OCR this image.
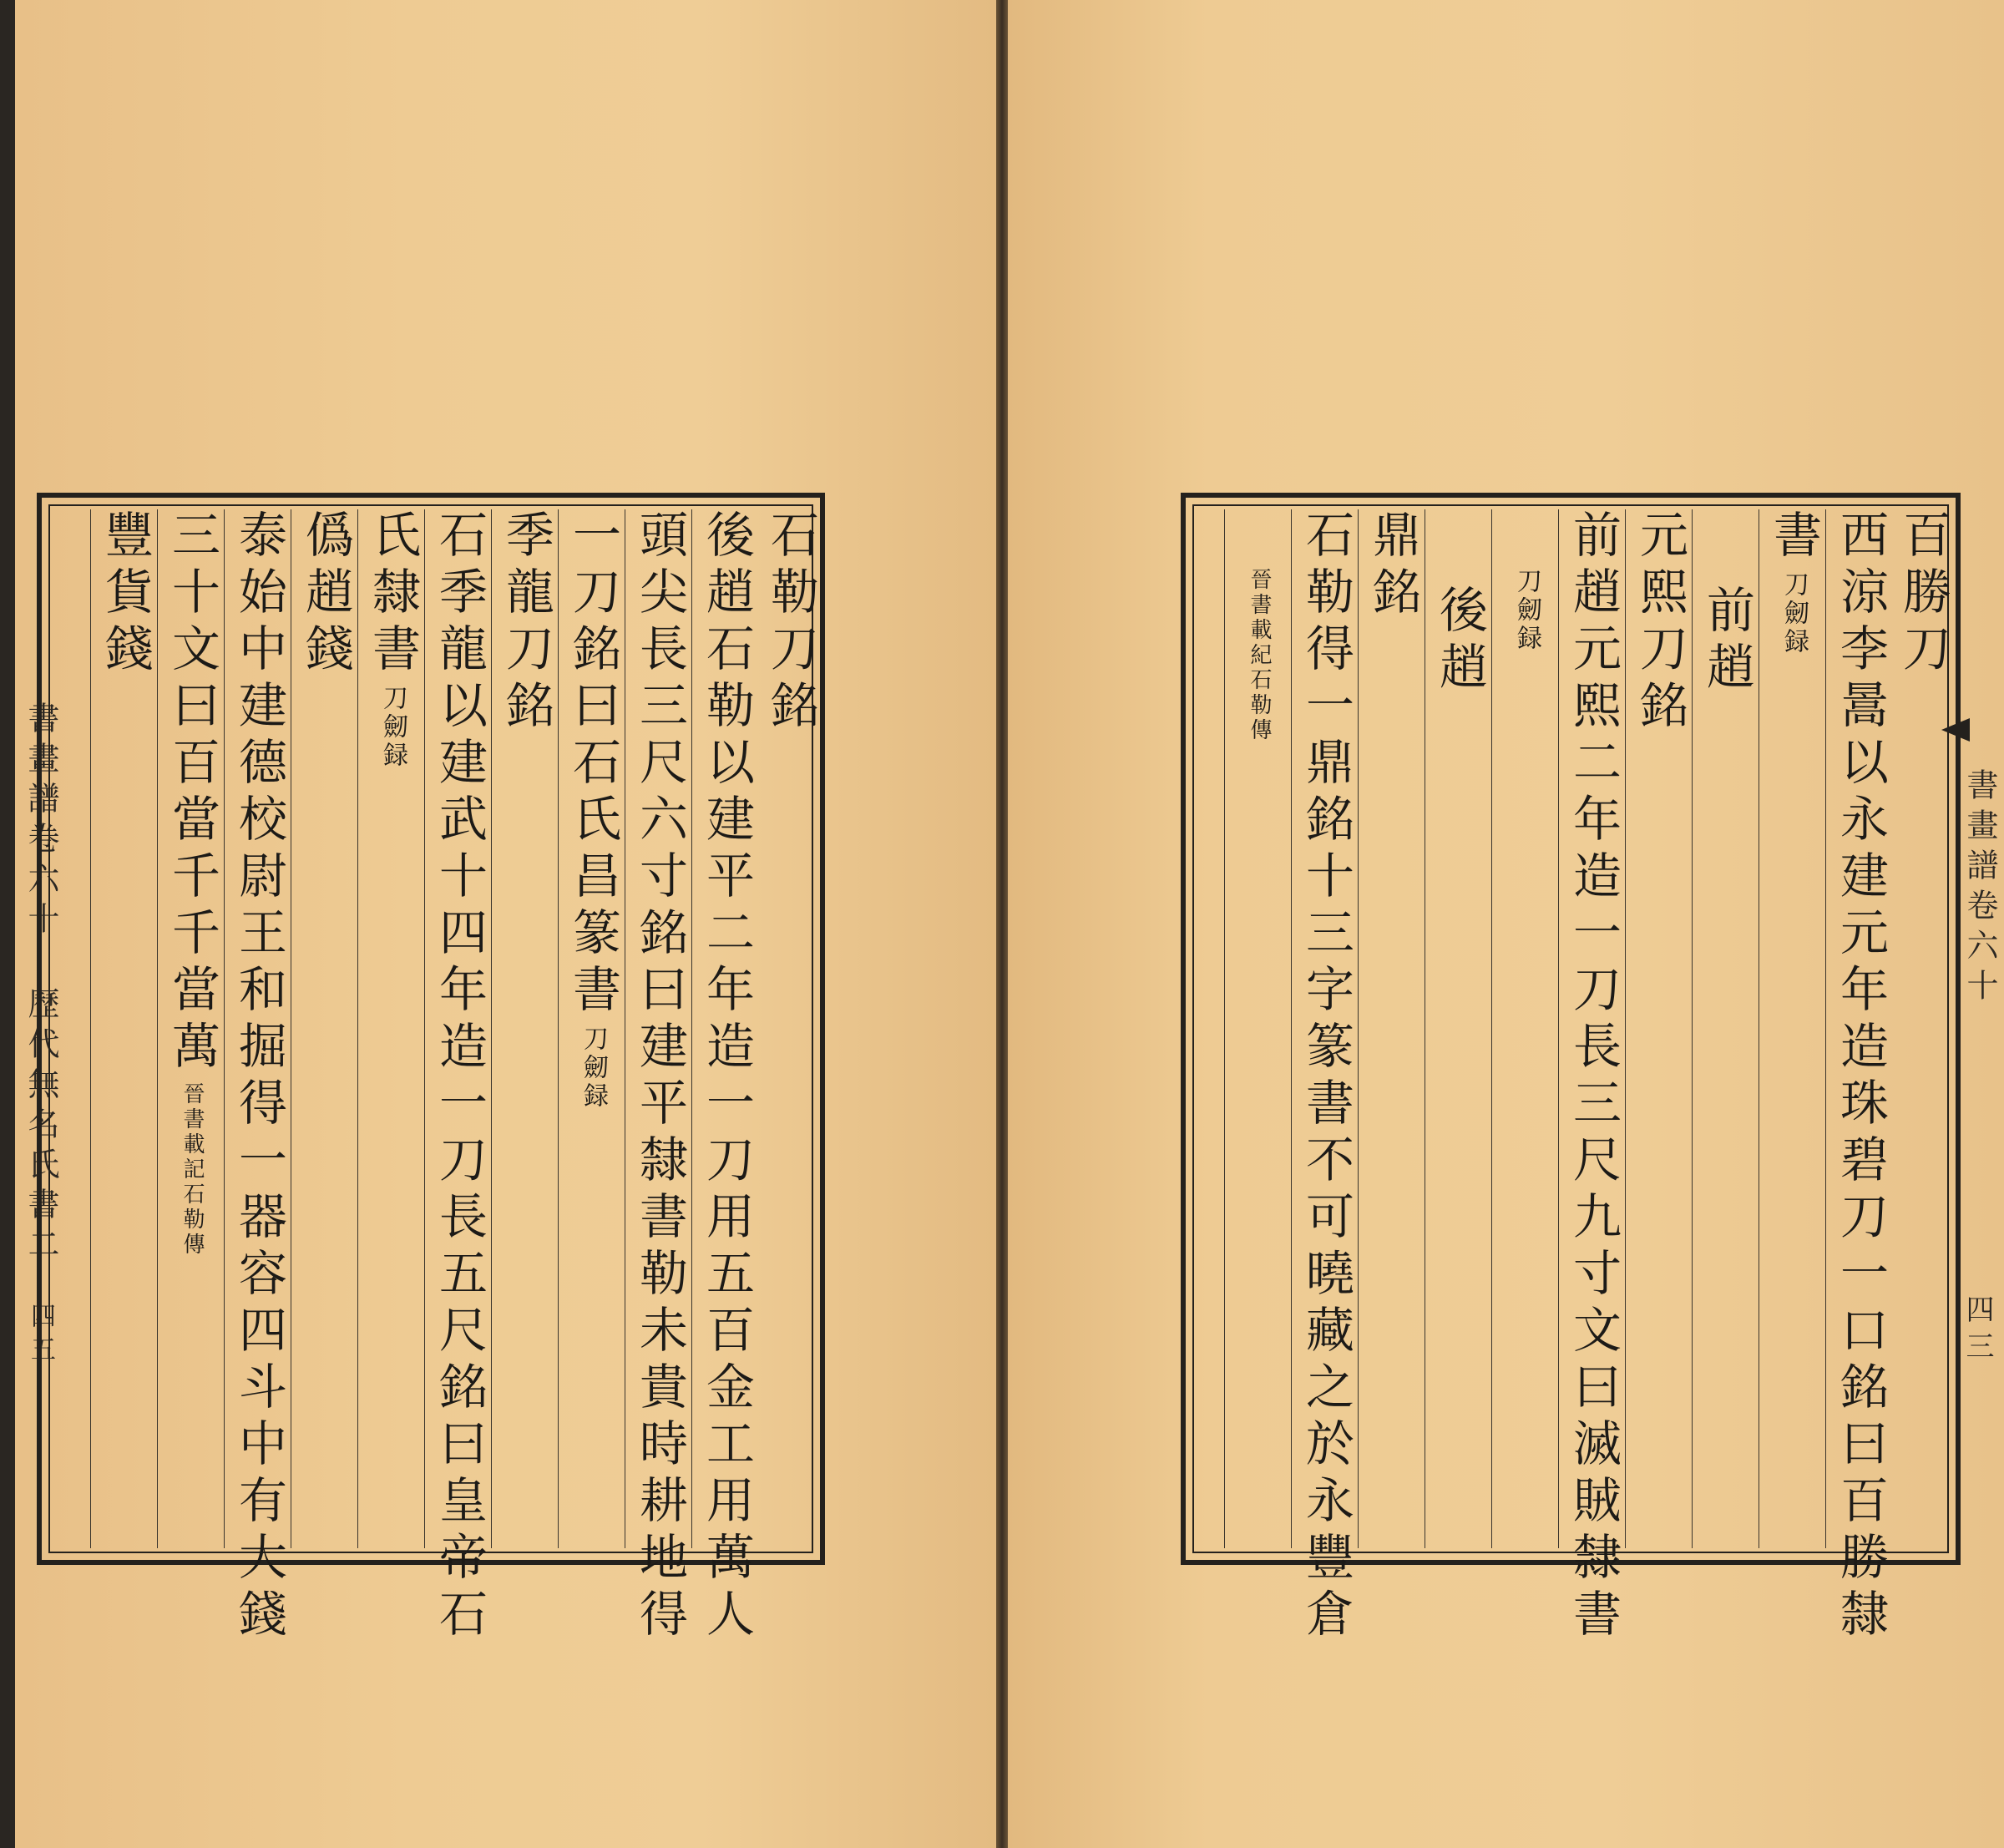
書畫譜卷六十 歷代無名氏書二
四五
石勒刀銘
後趙石勒以建平二年造一刀用五百金工用萬人
頭尖長三尺六寸銘曰建平隸書勒未貴時耕地得
一刀銘曰石氏昌篆書刀劒録
季龍刀銘
石季龍以建武十四年造一刀長五尺銘曰皇帝石
氏隸書刀劒録
僞趙錢
泰始中建德校尉王和掘得一器容四斗中有大錢
三十文曰百當千千當萬晉書載記石勒傳
豐貨錢	百勝刀
西涼李暠以永建元年造珠碧刀一口銘曰百勝隸
書刀劒録
前趙
元熙刀銘
前趙元熙二年造一刀長三尺九寸文曰滅賊隸書
刀劒録
後趙
鼎銘
石勒得一鼎銘十三字篆書不可曉藏之於永豐倉
晉書載紀石勒傳
書畫譜卷六十
四三
